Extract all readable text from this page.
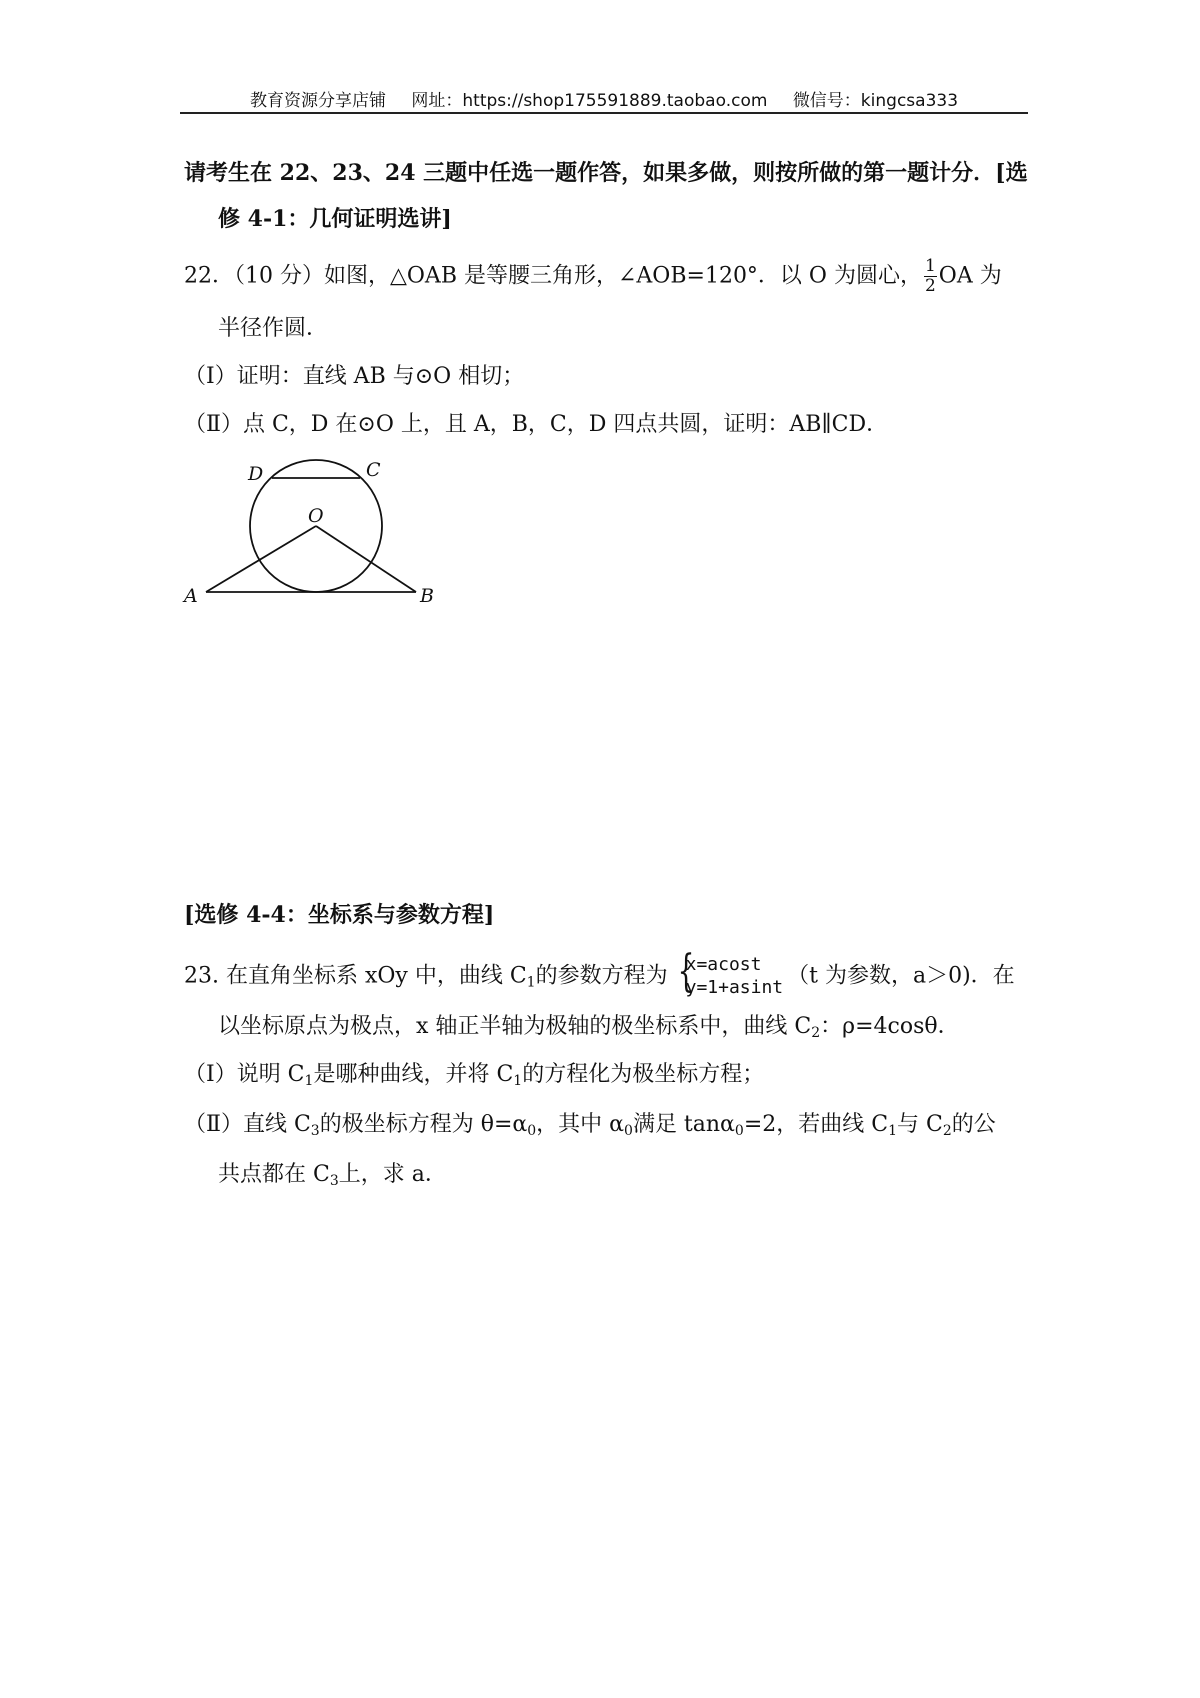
教育资源分享店铺 网址：https://shop175591889.taobao.com 微信号：kingcsa333
请考生在 22、23、24 三题中任选一题作答，如果多做，则按所做的第一题计分．[选
修 4-1：几何证明选讲]
22．（10 分）如图，△OAB 是等腰三角形，∠AOB=120°．以 O 为圆心， $\frac{1}{2}$ OA 为
半径作圆．
（Ⅰ）证明：直线 AB 与⊙O 相切；
（Ⅱ）点 C，D 在⊙O 上，且 A，B，C，D 四点共圆，证明：AB∥CD．
D	C
O
A	B
[选修 4-4：坐标系与参数方程]
23. 在直角坐标系 xOy 中，曲线 $C_1$的参数方程为 {
x=acost
y=1+asint （t 为参数，a＞0)．在
以坐标原点为极点，x 轴正半轴为极轴的极坐标系中，曲线 $C_2$：ρ=4cosθ．
（Ⅰ）说明 $C_1$是哪种曲线，并将 $C_1$的方程化为极坐标方程；
（Ⅱ）直线 $C_3$的极坐标方程为 $\theta=\alpha_0$，其中 $\alpha_0$满足 tanα$_0$=2，若曲线 $C_1$与 $C_2$的公
共点都在 $C_3$上，求 a．
